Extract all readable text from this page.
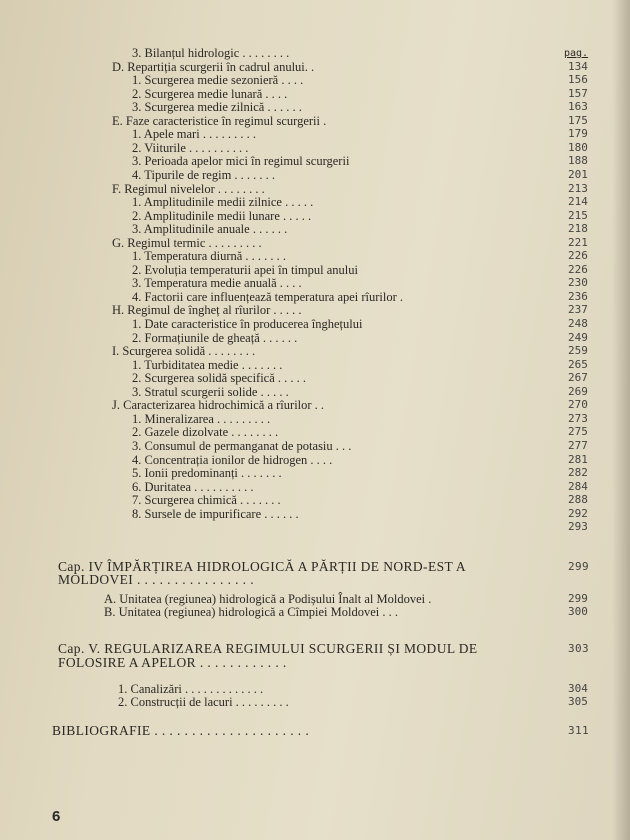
pag.
3. Bilanțul hidrologic . . . . . . . .
D. Repartiția scurgerii în cadrul anului. .	134
1. Scurgerea medie sezonieră . . . .	156
2. Scurgerea medie lunară . . . .	157
3. Scurgerea medie zilnică . . . . . .	163
E. Faze caracteristice în regimul scurgerii .	175
1. Apele mari . . . . . . . . .	179
2. Viiturile . . . . . . . . . .	180
3. Perioada apelor mici în regimul scurgerii	188
4. Tipurile de regim . . . . . . .	201
F. Regimul nivelelor . . . . . . . .	213
1. Amplitudinile medii zilnice . . . . .	214
2. Amplitudinile medii lunare . . . . .	215
3. Amplitudinile anuale . . . . . .	218
G. Regimul termic . . . . . . . . .	221
1. Temperatura diurnă . . . . . . .	226
2. Evoluția temperaturii apei în timpul anului	226
3. Temperatura medie anuală . . . .	230
4. Factorii care influențează temperatura apei rîurilor .	236
H. Regimul de îngheț al rîurilor . . . . .	237
1. Date caracteristice în producerea înghețului	248
2. Formațiunile de gheață . . . . . .	249
I. Scurgerea solidă . . . . . . . .	259
1. Turbiditatea medie . . . . . . .	265
2. Scurgerea solidă specifică . . . . .	267
3. Stratul scurgerii solide . . . . .	269
J. Caracterizarea hidrochimică a rîurilor . .	270
1. Mineralizarea . . . . . . . . .	273
2. Gazele dizolvate . . . . . . . .	275
3. Consumul de permanganat de potasiu . . .	277
4. Concentrația ionilor de hidrogen . . . .	281
5. Ionii predominanți . . . . . . .	282
6. Duritatea . . . . . . . . . .	284
7. Scurgerea chimică . . . . . . .	288
8. Sursele de impurificare . . . . . .	292
293
Cap. IV ÎMPĂRȚIREA HIDROLOGICĂ A PĂRȚII DE NORD-EST A	299
MOLDOVEI . . . . . . . . . . . . . . . .
A. Unitatea (regiunea) hidrologică a Podișului Înalt al Moldovei .	299
B. Unitatea (regiunea) hidrologică a Cîmpiei Moldovei . . .	300
Cap. V. REGULARIZAREA REGIMULUI SCURGERII ȘI MODUL DE	303
FOLOSIRE A APELOR . . . . . . . . . . . .
1. Canalizări . . . . . . . . . . . . .	304
2. Construcții de lacuri . . . . . . . . .	305
BIBLIOGRAFIE . . . . . . . . . . . . . . . . . . . . .	311
6
